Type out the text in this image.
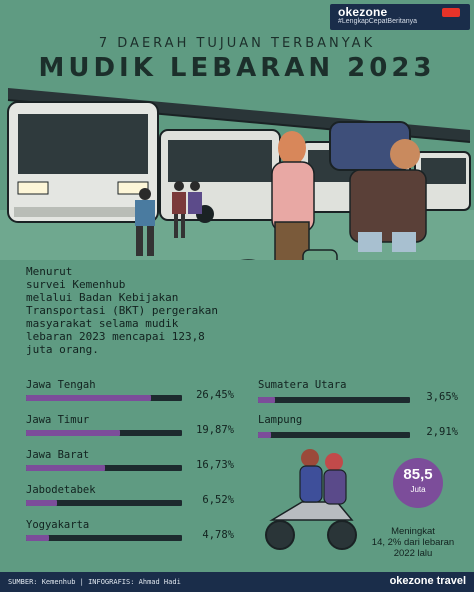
okezone
#LengkapCepatBeritanya
7 DAERAH TUJUAN TERBANYAK
MUDIK LEBARAN 2023
Menurut
survei Kemenhub
melalui Badan Kebijakan
Transportasi (BKT) pergerakan
masyarakat selama mudik
lebaran 2023 mencapai 123,8
juta orang.
Jawa Tengah
26,45%
Jawa Timur
19,87%
Jawa Barat
16,73%
Jabodetabek
6,52%
Yogyakarta
4,78%
Sumatera Utara
3,65%
Lampung
2,91%
85,5
Juta
Meningkat
14, 2% dari lebaran
2022 lalu
SUMBER: Kemenhub | INFOGRAFIS: Ahmad Hadi	okezone travel
